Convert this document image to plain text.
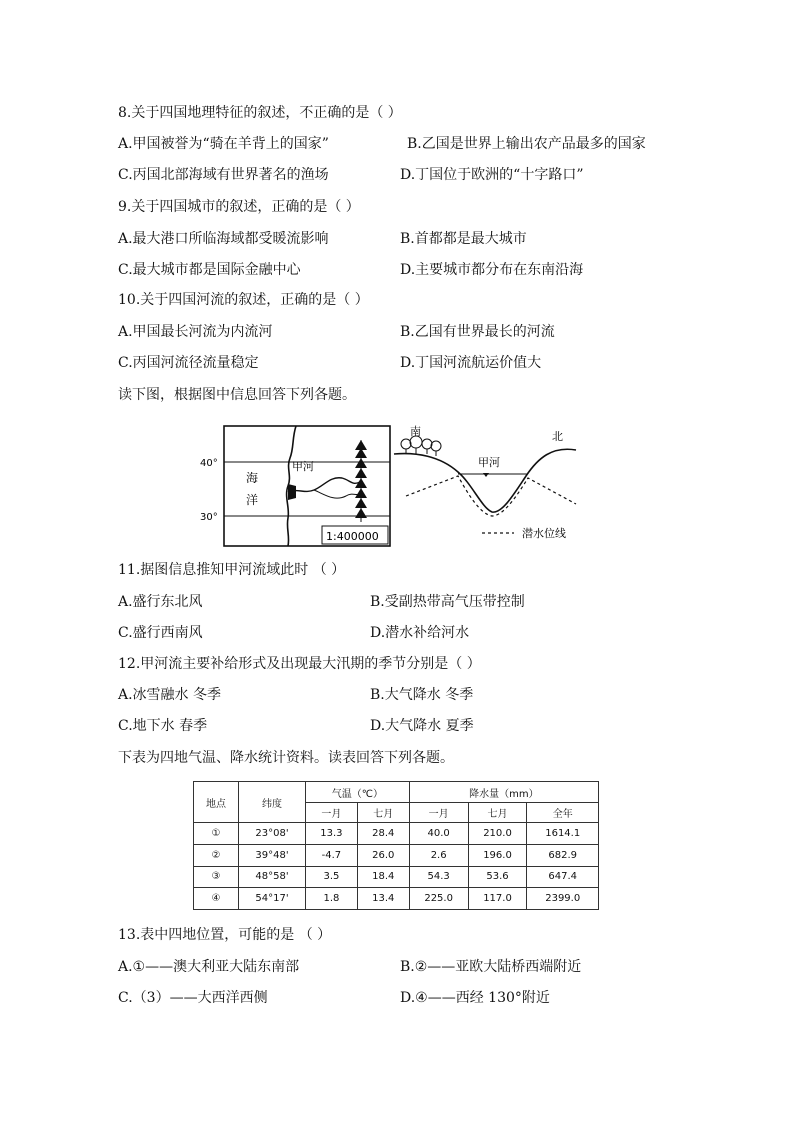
8.关于四国地理特征的叙述，不正确的是（ ）
A.甲国被誉为“骑在羊背上的国家”	B.乙国是世界上输出农产品最多的国家
C.丙国北部海域有世界著名的渔场	D.丁国位于欧洲的“十字路口”
9.关于四国城市的叙述，正确的是（ ）
A.最大港口所临海域都受暖流影响	B.首都都是最大城市
C.最大城市都是国际金融中心	D.主要城市都分布在东南沿海
10.关于四国河流的叙述，正确的是（ ）
A.甲国最长河流为内流河	B.乙国有世界最长的河流
C.丙国河流径流量稳定	D.丁国河流航运价值大
读下图，根据图中信息回答下列各题。
40°
30°
海
洋
甲河
1:400000
南	北
甲河
潜水位线
11.据图信息推知甲河流域此时 （ ）
A.盛行东北风	B.受副热带高气压带控制
C.盛行西南风	D.潜水补给河水
12.甲河流主要补给形式及出现最大汛期的季节分别是（ ）
A.冰雪融水 冬季	B.大气降水 冬季
C.地下水 春季	D.大气降水 夏季
下表为四地气温、降水统计资料。读表回答下列各题。
地点	纬度	气温（℃）		降水量（mm）		
		一月	七月	一月	七月	全年
①	23°08'	13.3	28.4	40.0	210.0	1614.1
②	39°48'	-4.7	26.0	2.6	196.0	682.9
③	48°58'	3.5	18.4	54.3	53.6	647.4
④	54°17'	1.8	13.4	225.0	117.0	2399.0
13.表中四地位置，可能的是 （ ）
A.①——澳大利亚大陆东南部	B.②——亚欧大陆桥西端附近
C.（3）——大西洋西侧	D.④——西经 130°附近
